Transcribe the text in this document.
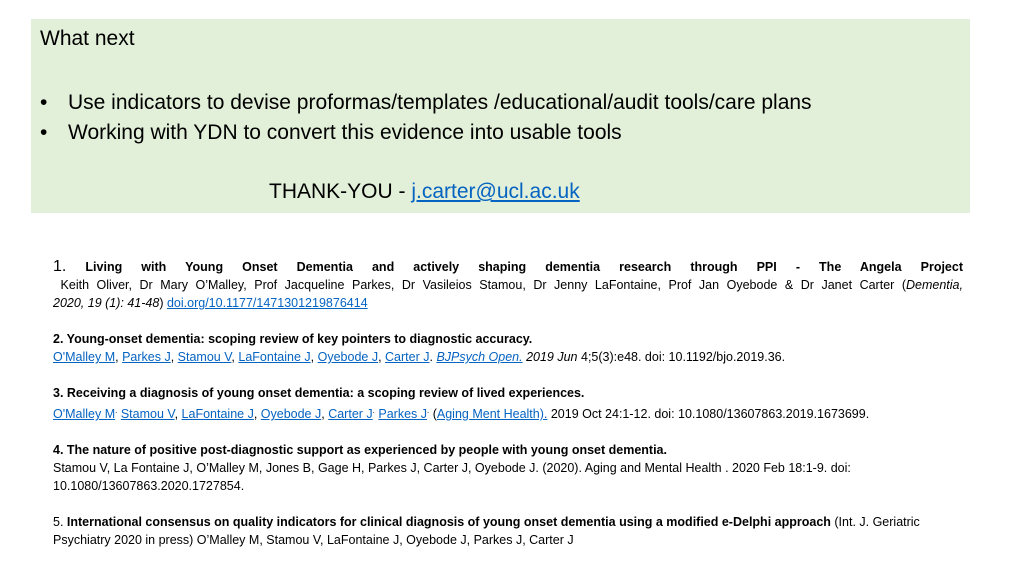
What next
• Use indicators to devise proformas/templates /educational/audit tools/care plans
• Working with YDN to convert this evidence into usable tools
THANK-YOU - j.carter@ucl.ac.uk

1. Living with Young Onset Dementia and actively shaping dementia research through PPI - The Angela Project

Keith Oliver, Dr Mary O’Malley, Prof Jacqueline Parkes, Dr Vasileios Stamou, Dr Jenny LaFontaine, Prof Jan Oyebode & Dr Janet Carter (Dementia,

2020, 19 (1): 41-48) doi.org/10.1177/1471301219876414

2. Young-onset dementia: scoping review of key pointers to diagnostic accuracy.

O'Malley M, Parkes J, Stamou V, LaFontaine J, Oyebode J, Carter J. BJPsych Open. 2019 Jun 4;5(3):e48. doi: 10.1192/bjo.2019.36.

3. Receiving a diagnosis of young onset dementia: a scoping review of lived experiences.

O'Malley M. Stamou V, LaFontaine J, Oyebode J, Carter J. Parkes J. (Aging Ment Health). 2019 Oct 24:1-12. doi: 10.1080/13607863.2019.1673699.

4. The nature of positive post-diagnostic support as experienced by people with young onset dementia.

Stamou V, La Fontaine J, O’Malley M, Jones B, Gage H, Parkes J, Carter J, Oyebode J. (2020). Aging and Mental Health . 2020 Feb 18:1-9. doi:

10.1080/13607863.2020.1727854.

5. International consensus on quality indicators for clinical diagnosis of young onset dementia using a modified e-Delphi approach (Int. J. Geriatric Psychiatry 2020 in press) O’Malley M, Stamou V, LaFontaine J, Oyebode J, Parkes J, Carter J
